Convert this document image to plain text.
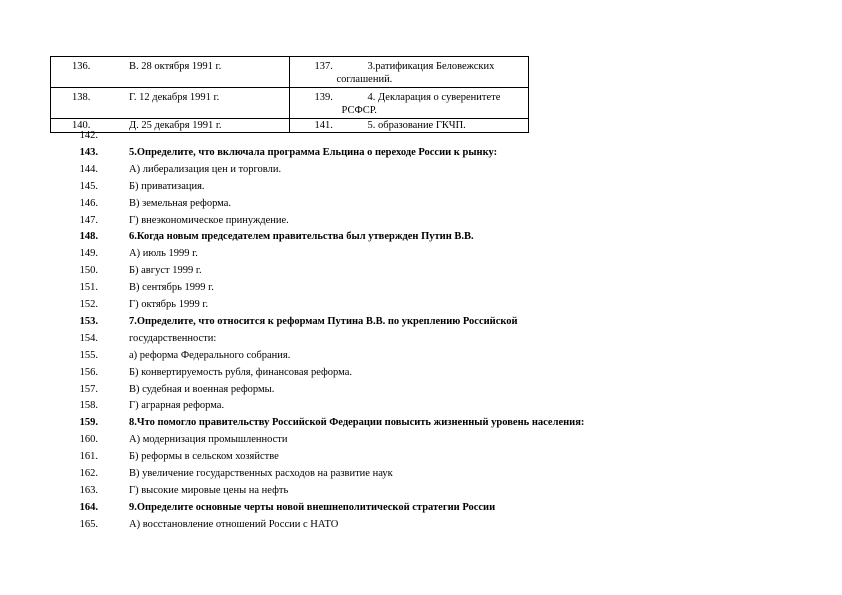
136. В. 28 октября 1991 г.	137. 3.ратификация Беловежских
соглашений.

138. Г. 12 декабря 1991 г.	139. 4. Декларация о суверенитете
РСФСР.

140. Д. 25 декабря 1991 г.	141. 5. образование ГКЧП.
142.
143.	5.Определите, что включала программа Ельцина о переходе России к рынку:
144.	А) либерализация цен и торговли.
145.	Б) приватизация.
146.	В) земельная реформа.
147.	Г) внеэкономическое принуждение.
148.	6.Когда новым председателем правительства был утвержден Путин В.В.
149.	А) июль 1999 г.
150.	Б) август 1999 г.
151.	В) сентябрь 1999 г.
152.	Г) октябрь 1999 г.
153.	7.Определите, что относится к реформам Путина В.В. по укреплению Российской
154.	государственности:
155.	а) реформа Федерального собрания.
156.	Б) конвертируемость рубля, финансовая реформа.
157.	В) судебная и военная реформы.
158.	Г) аграрная реформа.
159.	8.Что помогло правительству Российской Федерации повысить жизненный уровень населения:
160.	А) модернизация промышленности
161.	Б) реформы в сельском хозяйстве
162.	В) увеличение государственных расходов на развитие наук
163.	Г) высокие мировые цены на нефть
164.	9.Определите основные черты новой внешнеполитической стратегии России
165.	А) восстановление отношений России с НАТО
